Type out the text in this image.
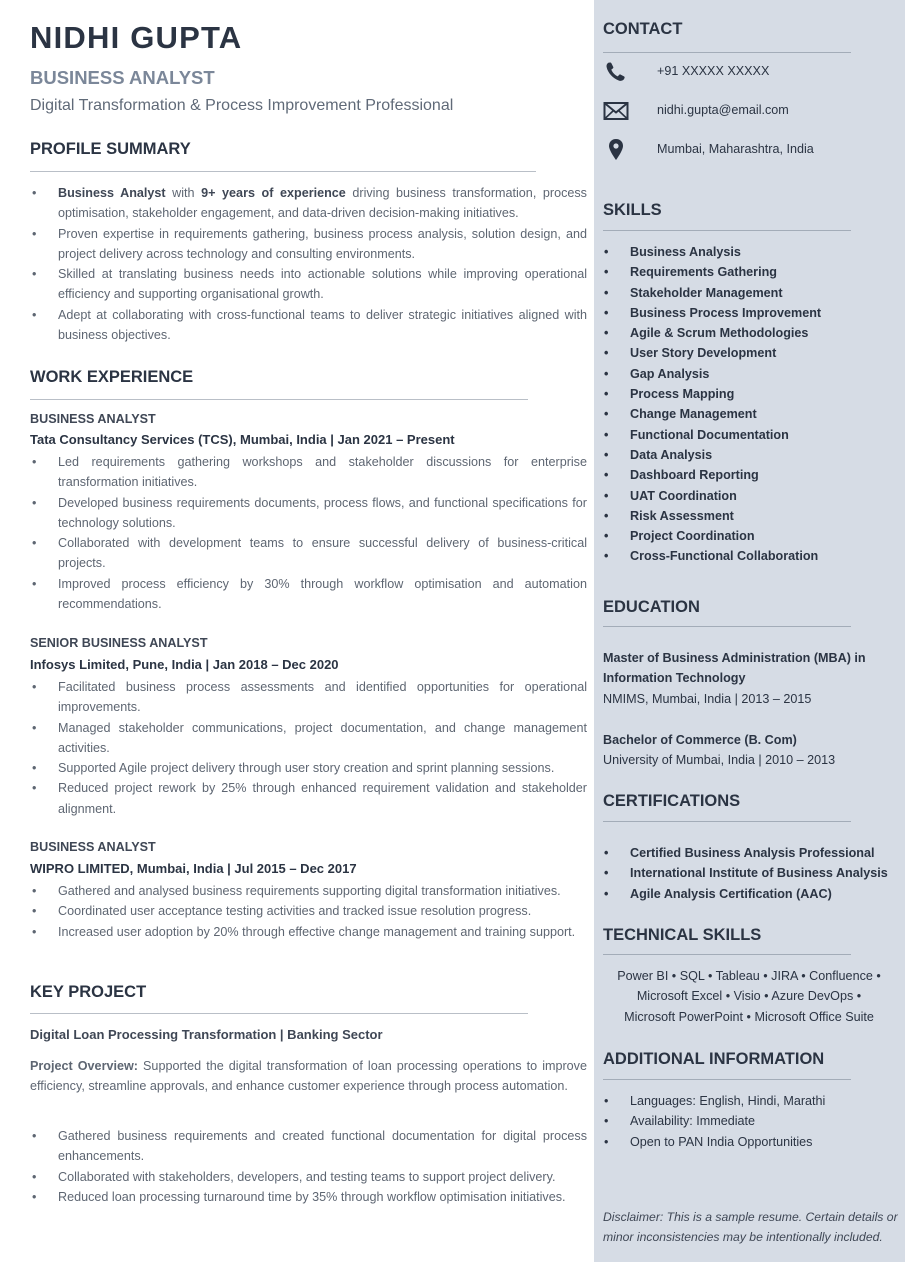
NIDHI GUPTA
BUSINESS ANALYST
Digital Transformation & Process Improvement Professional
PROFILE SUMMARY
• Business Analyst with 9+ years of experience driving business transformation, process optimisation, stakeholder engagement, and data-driven decision-making initiatives.
• Proven expertise in requirements gathering, business process analysis, solution design, and project delivery across technology and consulting environments.
• Skilled at translating business needs into actionable solutions while improving operational efficiency and supporting organisational growth.
• Adept at collaborating with cross-functional teams to deliver strategic initiatives aligned with business objectives.
WORK EXPERIENCE
BUSINESS ANALYST
Tata Consultancy Services (TCS), Mumbai, India | Jan 2021 – Present
• Led requirements gathering workshops and stakeholder discussions for enterprise transformation initiatives.
• Developed business requirements documents, process flows, and functional specifications for technology solutions.
• Collaborated with development teams to ensure successful delivery of business-critical projects.
• Improved process efficiency by 30% through workflow optimisation and automation recommendations.
SENIOR BUSINESS ANALYST
Infosys Limited, Pune, India | Jan 2018 – Dec 2020
• Facilitated business process assessments and identified opportunities for operational improvements.
• Managed stakeholder communications, project documentation, and change management activities.
• Supported Agile project delivery through user story creation and sprint planning sessions.
• Reduced project rework by 25% through enhanced requirement validation and stakeholder alignment.
BUSINESS ANALYST
WIPRO LIMITED, Mumbai, India | Jul 2015 – Dec 2017
• Gathered and analysed business requirements supporting digital transformation initiatives.
• Coordinated user acceptance testing activities and tracked issue resolution progress.
• Increased user adoption by 20% through effective change management and training support.
KEY PROJECT
Digital Loan Processing Transformation | Banking Sector
Project Overview: Supported the digital transformation of loan processing operations to improve efficiency, streamline approvals, and enhance customer experience through process automation.
• Gathered business requirements and created functional documentation for digital process enhancements.
• Collaborated with stakeholders, developers, and testing teams to support project delivery.
• Reduced loan processing turnaround time by 35% through workflow optimisation initiatives.
CONTACT
+91 XXXXX XXXXX
nidhi.gupta@email.com
Mumbai, Maharashtra, India
SKILLS
• Business Analysis
• Requirements Gathering
• Stakeholder Management
• Business Process Improvement
• Agile & Scrum Methodologies
• User Story Development
• Gap Analysis
• Process Mapping
• Change Management
• Functional Documentation
• Data Analysis
• Dashboard Reporting
• UAT Coordination
• Risk Assessment
• Project Coordination
• Cross-Functional Collaboration
EDUCATION
Master of Business Administration (MBA) in Information Technology
NMIMS, Mumbai, India | 2013 – 2015
Bachelor of Commerce (B. Com)
University of Mumbai, India | 2010 – 2013
CERTIFICATIONS
• Certified Business Analysis Professional
• International Institute of Business Analysis
• Agile Analysis Certification (AAC)
TECHNICAL SKILLS
Power BI • SQL • Tableau • JIRA • Confluence •
Microsoft Excel • Visio • Azure DevOps •
Microsoft PowerPoint • Microsoft Office Suite
ADDITIONAL INFORMATION
• Languages: English, Hindi, Marathi
• Availability: Immediate
• Open to PAN India Opportunities
Disclaimer: This is a sample resume. Certain details or minor inconsistencies may be intentionally included.
